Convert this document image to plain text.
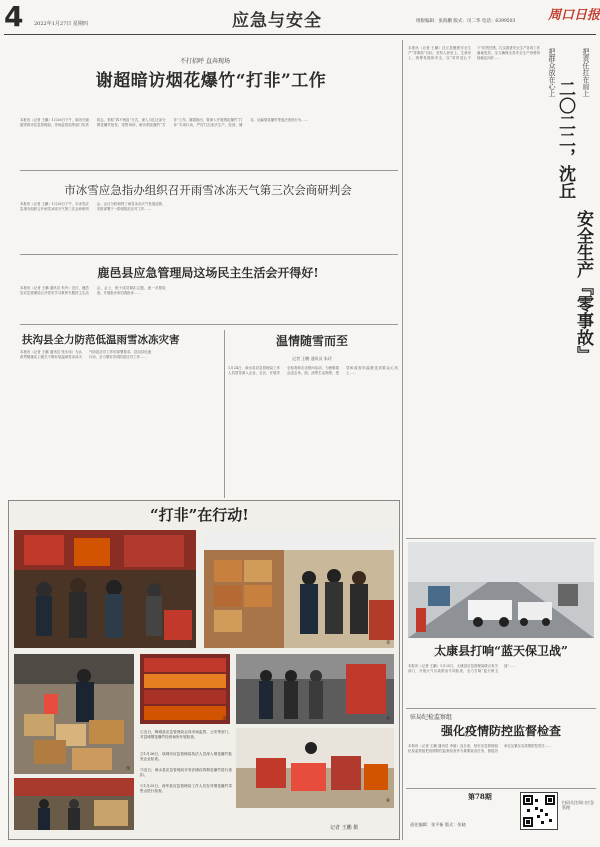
4 2022年1月27日 星期四	应急与安全	组版编辑：张海鹏 版式：司二华 电话：6399503	周口日报
不打招呼 直奔现场
谢超暗访烟花爆竹“打非”工作
本报讯（记者 王鹏）1月26日下午，副市长谢超带领市应急管理局、市场监管局等部门负责同志，采取“四不两直”方式，深入川汇区部分烟花爆竹批发、零售场所，暗访烟花爆竹“打非”工作。谢超指出，要深入开展烟花爆竹“打非”专项行动，严厉打击非法生产、经营、储存、运输烟花爆竹等违法违规行为……
市冰雪应急指办组织召开雨雪冰冻天气第三次会商研判会
本报讯（记者 王鹏）1月26日下午，市冰雪应急指办组织召开雨雪冰冻天气第三次会商研判会。会议分析研判了雨雪冰冻天气发展趋势，安排部署下一阶段防范应对工作……
鹿邑县应急管理局这场民主生活会开得好!
本报讯（记者 王鹏 通讯员 朱玲）近日，鹿邑县应急管理局召开党史学习教育专题民主生活会。会上，班子成员紧扣主题，逐一对照检查，开展批评和自我批评……
扶沟县全力防范低温雨雪冰冻灾害
本报讯（记者 王鹏 通讯员 张永伟）为认真贯彻落实上级关于做好低温雨雪冰冻天气防范应对工作的部署要求，扶沟县迅速行动，全力做好各项防范应对工作……
温情随雪而至
记者 王鹏 通讯员 朱玲
1月24日，商水县应急管理局工作人员冒雪深入企业、社区，开展安全检查和走访慰问活动，为困难群众送去米、面、油等生活物资，把党和政府的温暖送到群众心坎上……
“打非”在行动!
①	②
③	④
①近日，郸城县应急管理局会同市场监管、公安等部门，对县城烟花爆竹经营场所开展检查。
②1月26日，项城市应急管理局执法人员深入烟花爆竹批发企业检查。
③近日，商水县应急管理局对非法储存的烟花爆竹进行查扣。
④1月25日，西华县应急管理局工作人员在对烟花爆竹零售点进行检查。
⑤
⑥
记者 王鹏 摄
本报讯（记者 王鹏）沈丘县聚焦安全生产“零事故”目标，坚持人民至上、生命至上，统筹发展和安全，以“时时放心不下”的责任感，扎实推进安全生产各项工作落地见效，全力确保全县安全生产形势持续稳定向好……	把群众放在心上	把责任扛在肩上
二〇二二，沈丘
安全生产『零事故』
太康县打响“蓝天保卫战”
本报讯（记者 王鹏）1月25日，太康县应急管理局联合有关部门，开展大气污染防治专项检查，全力打响“蓝天保卫战”……
驻局纪检监察组
强化疫情防控监督检查
本报讯（记者 王鹏 通讯员 李丽）连日来，驻市应急管理局纪检监察组把疫情防控监督检查作为重要政治任务，督促各单位压紧压实疫情防控责任……
第78期
责任编辑：张平新 版式：张晓
扫码关注周口应急管理
